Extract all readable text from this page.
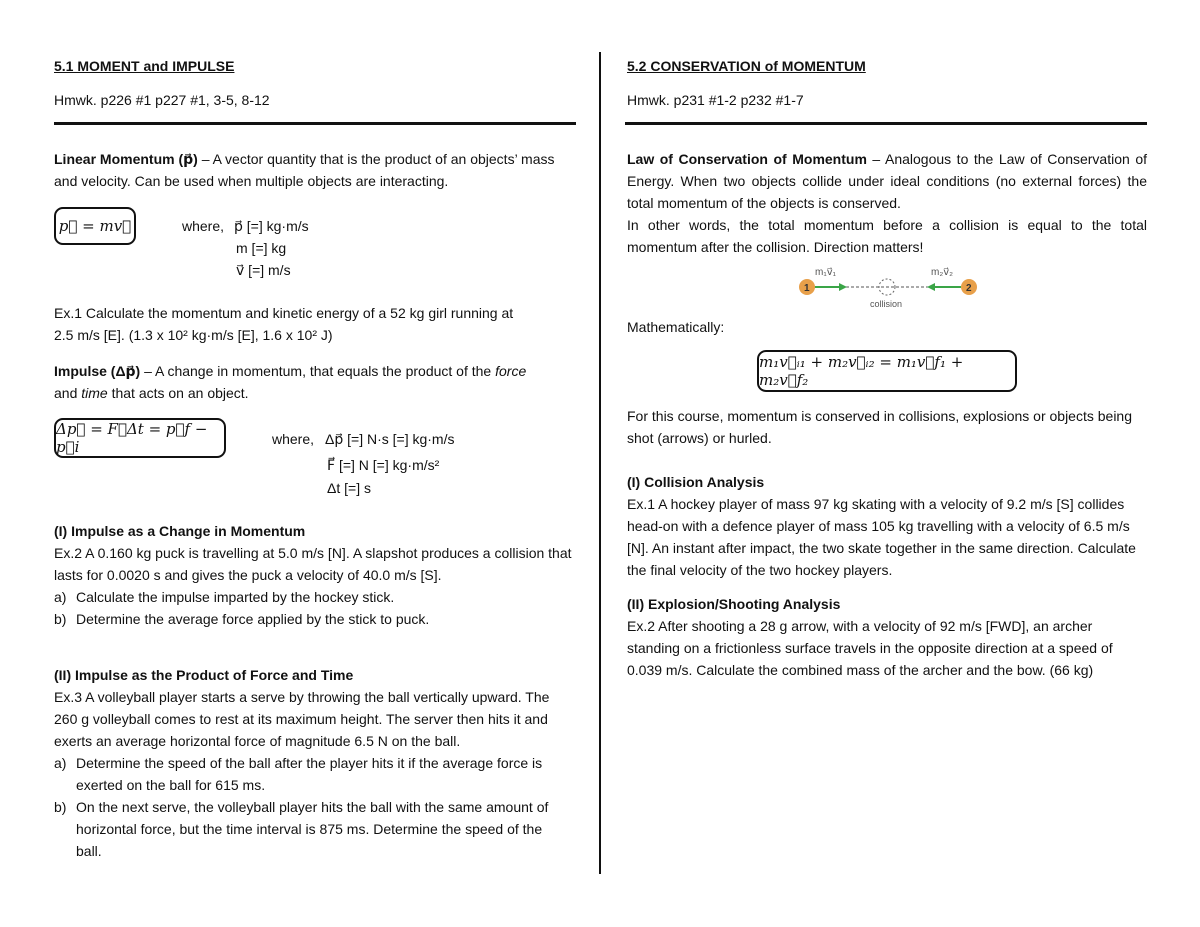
5.1 MOMENT and IMPULSE
Hmwk. p226 #1 p227 #1, 3-5, 8-12
Linear Momentum (p⃗) – A vector quantity that is the product of an objects’ mass and velocity. Can be used when multiple objects are interacting.
p⃗ = mv⃗	where, p⃗ [=] kg·m/s
m [=] kg
v⃗ [=] m/s
Ex.1 Calculate the momentum and kinetic energy of a 52 kg girl running at
2.5 m/s [E]. (1.3 x 10² kg·m/s [E], 1.6 x 10² J)
Impulse (Δp⃗) – A change in momentum, that equals the product of the force
and time that acts on an object.
Δp⃗ = F⃗Δt = p⃗f − p⃗i	where, Δp⃗ [=] N·s [=] kg·m/s
F⃗ [=] N [=] kg·m/s²
Δt [=] s
(I) Impulse as a Change in Momentum
Ex.2 A 0.160 kg puck is travelling at 5.0 m/s [N]. A slapshot produces a collision that lasts for 0.0020 s and gives the puck a velocity of 40.0 m/s [S].
a) Calculate the impulse imparted by the hockey stick.
b) Determine the average force applied by the stick to puck.
(II) Impulse as the Product of Force and Time
Ex.3 A volleyball player starts a serve by throwing the ball vertically upward. The 260 g volleyball comes to rest at its maximum height. The server then hits it and exerts an average horizontal force of magnitude 6.5 N on the ball.
a) Determine the speed of the ball after the player hits it if the average force is exerted on the ball for 615 ms.
b) On the next serve, the volleyball player hits the ball with the same amount of horizontal force, but the time interval is 875 ms. Determine the speed of the ball.
5.2 CONSERVATION of MOMENTUM
Hmwk. p231 #1-2 p232 #1-7
Law of Conservation of Momentum – Analogous to the Law of Conservation of Energy. When two objects collide under ideal conditions (no external forces) the total momentum of the objects is conserved.
In other words, the total momentum before a collision is equal to the total momentum after the collision. Direction matters!
m₁v⃗₁	m₂v⃗₂
1	2
collision
Mathematically:
m₁v⃗ᵢ₁ + m₂v⃗ᵢ₂ = m₁v⃗f₁ + m₂v⃗f₂
For this course, momentum is conserved in collisions, explosions or objects being shot (arrows) or hurled.
(I) Collision Analysis
Ex.1 A hockey player of mass 97 kg skating with a velocity of 9.2 m/s [S] collides head-on with a defence player of mass 105 kg travelling with a velocity of 6.5 m/s [N]. An instant after impact, the two skate together in the same direction. Calculate the final velocity of the two hockey players.
(II) Explosion/Shooting Analysis
Ex.2 After shooting a 28 g arrow, with a velocity of 92 m/s [FWD], an archer standing on a frictionless surface travels in the opposite direction at a speed of 0.039 m/s. Calculate the combined mass of the archer and the bow. (66 kg)
